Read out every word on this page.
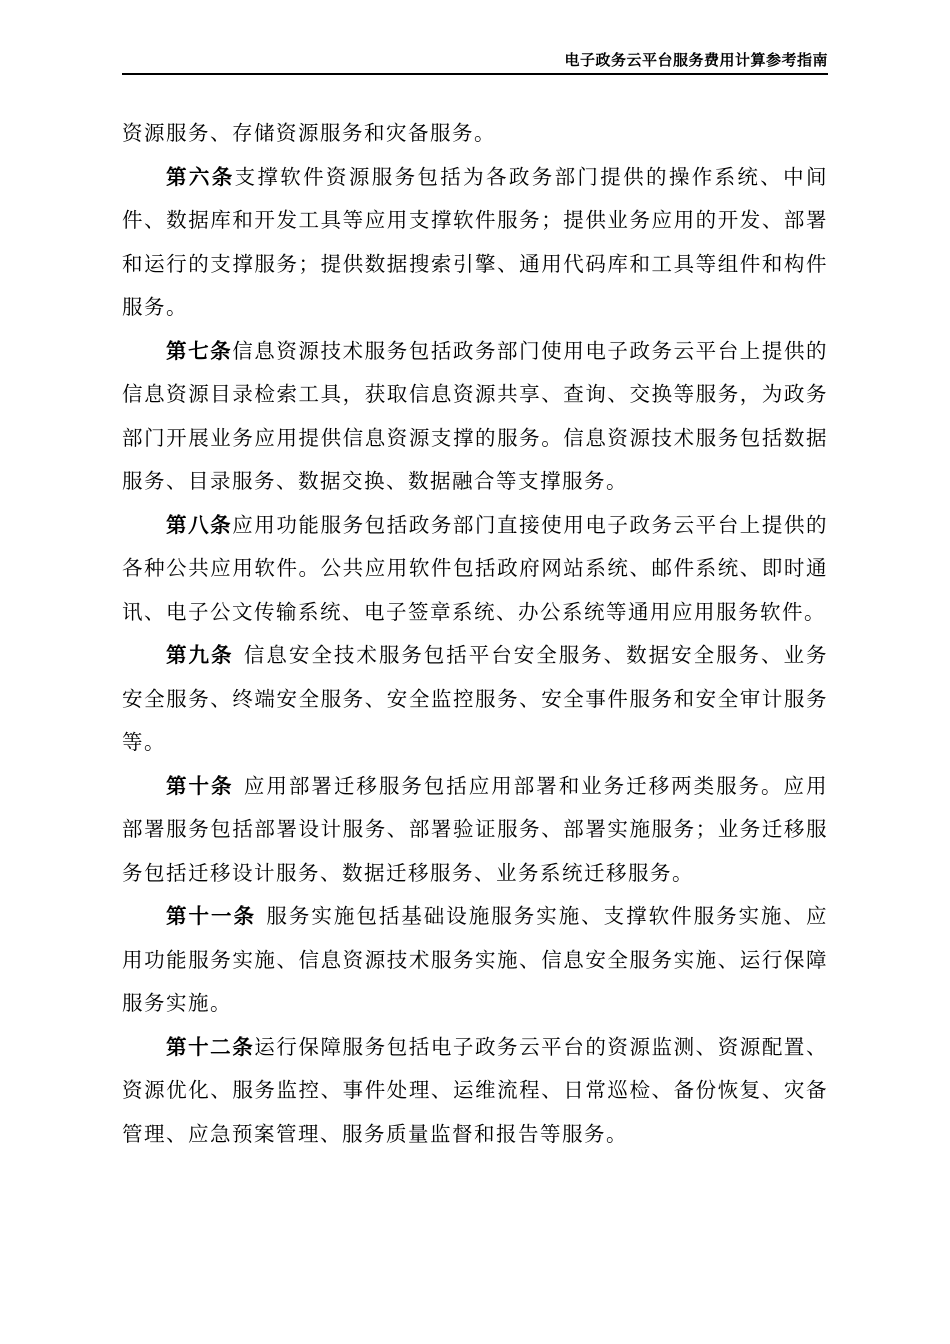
电子政务云平台服务费用计算参考指南

资源服务、存储资源服务和灾备服务。

第六条支撑软件资源服务包括为各政务部门提供的操作系统、中间件、数据库和开发工具等应用支撑软件服务；提供业务应用的开发、部署和运行的支撑服务；提供数据搜索引擎、通用代码库和工具等组件和构件服务。

第七条信息资源技术服务包括政务部门使用电子政务云平台上提供的信息资源目录检索工具，获取信息资源共享、查询、交换等服务，为政务部门开展业务应用提供信息资源支撑的服务。信息资源技术服务包括数据服务、目录服务、数据交换、数据融合等支撑服务。

第八条应用功能服务包括政务部门直接使用电子政务云平台上提供的各种公共应用软件。公共应用软件包括政府网站系统、邮件系统、即时通讯、电子公文传输系统、电子签章系统、办公系统等通用应用服务软件。

第九条 信息安全技术服务包括平台安全服务、数据安全服务、业务安全服务、终端安全服务、安全监控服务、安全事件服务和安全审计服务等。

第十条 应用部署迁移服务包括应用部署和业务迁移两类服务。应用部署服务包括部署设计服务、部署验证服务、部署实施服务；业务迁移服务包括迁移设计服务、数据迁移服务、业务系统迁移服务。

第十一条 服务实施包括基础设施服务实施、支撑软件服务实施、应用功能服务实施、信息资源技术服务实施、信息安全服务实施、运行保障服务实施。

第十二条运行保障服务包括电子政务云平台的资源监测、资源配置、资源优化、服务监控、事件处理、运维流程、日常巡检、备份恢复、灾备管理、应急预案管理、服务质量监督和报告等服务。
